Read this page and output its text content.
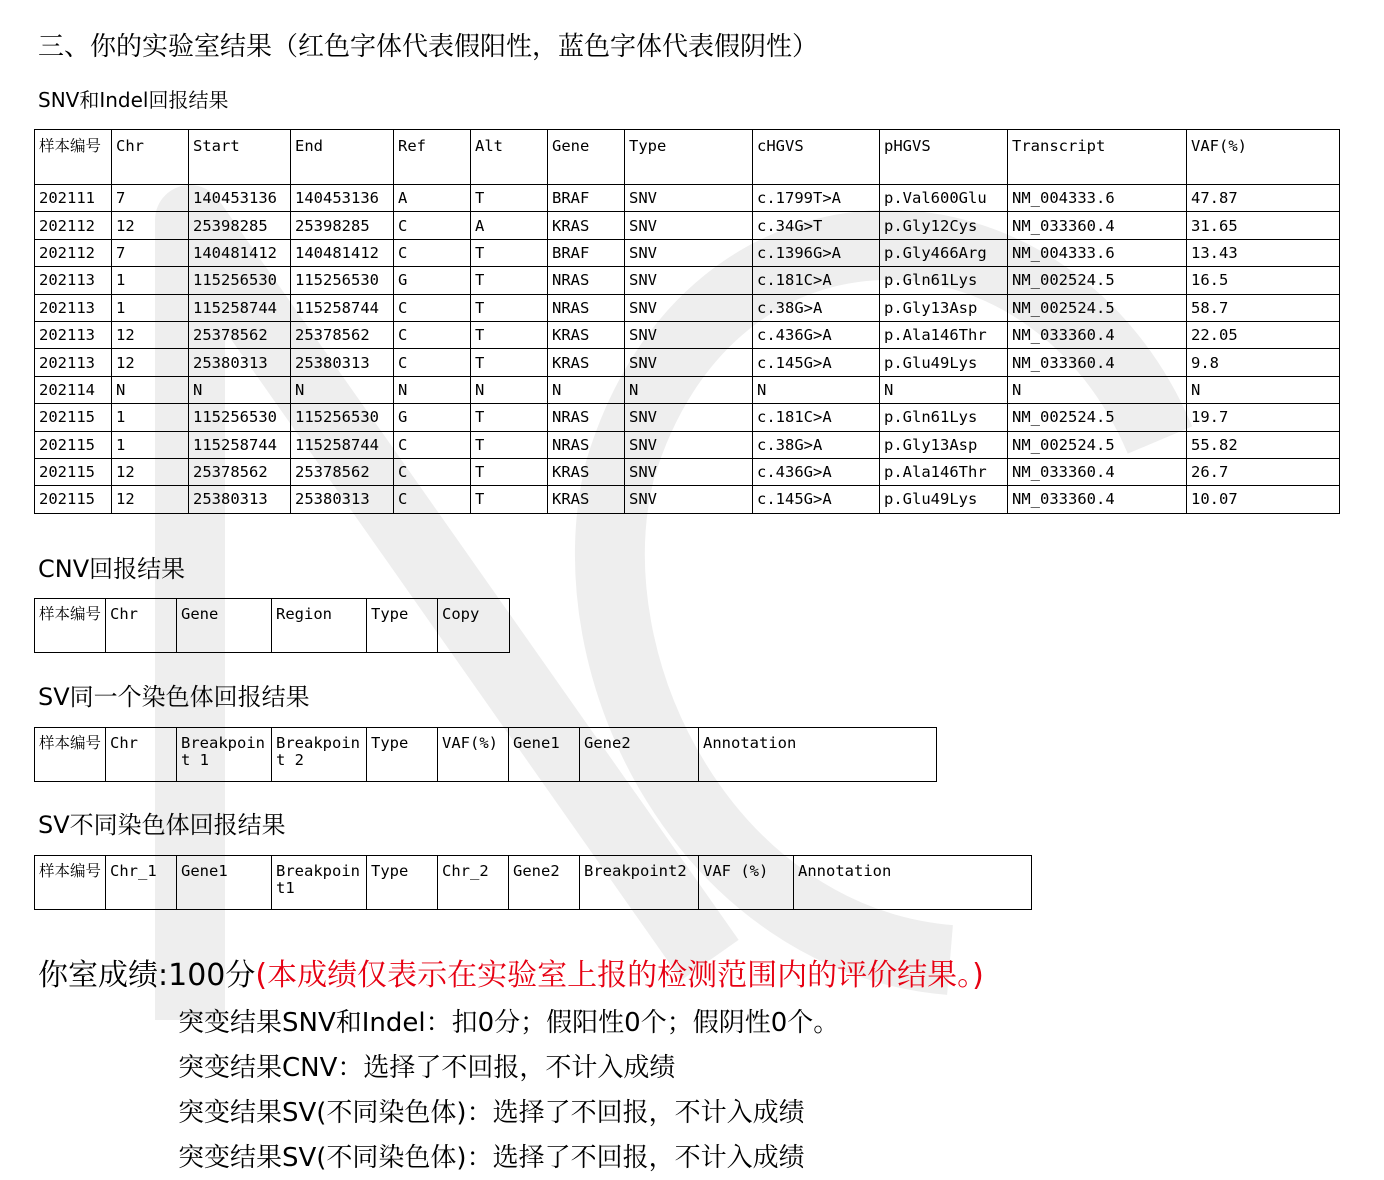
三、你的实验室结果（红色字体代表假阳性，蓝色字体代表假阴性）
SNV和Indel回报结果
样本编号	Chr	Start	End	Ref	Alt	Gene	Type	cHGVS	pHGVS	Transcript	VAF(%)
202111	7	140453136	140453136	A	T	BRAF	SNV	c.1799T>A	p.Val600Glu	NM_004333.6	47.87
202112	12	25398285	25398285	C	A	KRAS	SNV	c.34G>T	p.Gly12Cys	NM_033360.4	31.65
202112	7	140481412	140481412	C	T	BRAF	SNV	c.1396G>A	p.Gly466Arg	NM_004333.6	13.43
202113	1	115256530	115256530	G	T	NRAS	SNV	c.181C>A	p.Gln61Lys	NM_002524.5	16.5
202113	1	115258744	115258744	C	T	NRAS	SNV	c.38G>A	p.Gly13Asp	NM_002524.5	58.7
202113	12	25378562	25378562	C	T	KRAS	SNV	c.436G>A	p.Ala146Thr	NM_033360.4	22.05
202113	12	25380313	25380313	C	T	KRAS	SNV	c.145G>A	p.Glu49Lys	NM_033360.4	9.8
202114	N	N	N	N	N	N	N	N	N	N	N
202115	1	115256530	115256530	G	T	NRAS	SNV	c.181C>A	p.Gln61Lys	NM_002524.5	19.7
202115	1	115258744	115258744	C	T	NRAS	SNV	c.38G>A	p.Gly13Asp	NM_002524.5	55.82
202115	12	25378562	25378562	C	T	KRAS	SNV	c.436G>A	p.Ala146Thr	NM_033360.4	26.7
202115	12	25380313	25380313	C	T	KRAS	SNV	c.145G>A	p.Glu49Lys	NM_033360.4	10.07
CNV回报结果
样本编号	Chr	Gene	Region	Type	Copy
SV同一个染色体回报结果
样本编号	Chr	Breakpoint 1	Breakpoint 2	Type	VAF(%)	Gene1	Gene2	Annotation
SV不同染色体回报结果
样本编号	Chr_1	Gene1	Breakpoint1	Type	Chr_2	Gene2	Breakpoint2	VAF (%)	Annotation
你室成绩:100分(本成绩仅表示在实验室上报的检测范围内的评价结果。)
突变结果SNV和Indel：扣0分；假阳性0个；假阴性0个。
突变结果CNV：选择了不回报，不计入成绩
突变结果SV(不同染色体)：选择了不回报，不计入成绩
突变结果SV(不同染色体)：选择了不回报，不计入成绩
